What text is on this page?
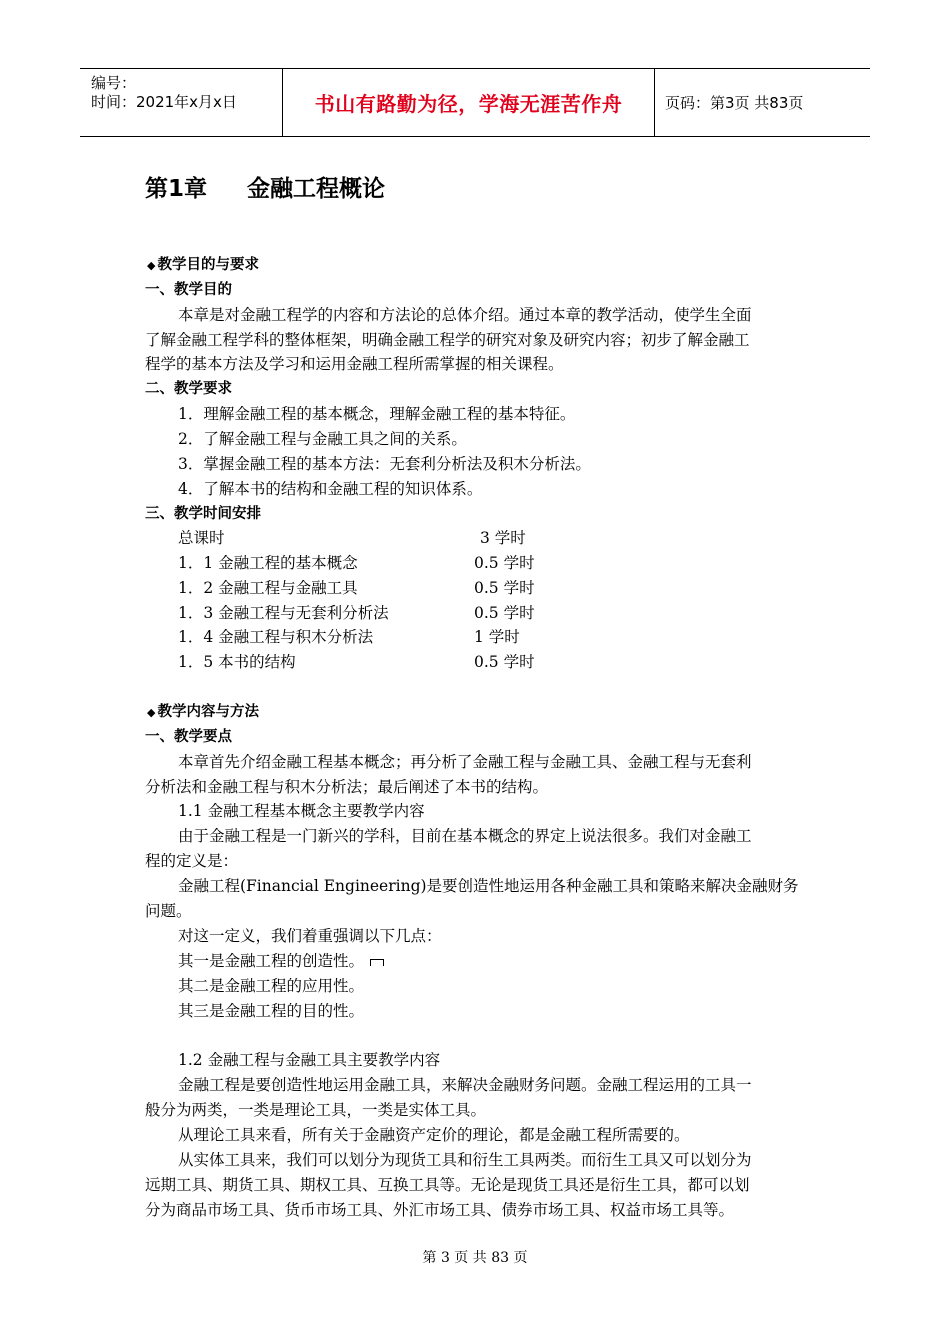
编号：
时间：2021年x月x日	书山有路勤为径，学海无涯苦作舟	页码：第3页 共83页
第1章 金融工程概论
◆ 教学目的与要求
一、教学目的
本章是对金融工程学的内容和方法论的总体介绍。通过本章的教学活动，使学生全面
了解金融工程学科的整体框架，明确金融工程学的研究对象及研究内容；初步了解金融工
程学的基本方法及学习和运用金融工程所需掌握的相关课程。
二、教学要求
1．理解金融工程的基本概念，理解金融工程的基本特征。
2．了解金融工程与金融工具之间的关系。
3．掌握金融工程的基本方法：无套利分析法及积木分析法。
4．了解本书的结构和金融工程的知识体系。
三、教学时间安排
总课时	3 学时
1．1 金融工程的基本概念	0.5 学时
1．2 金融工程与金融工具	0.5 学时
1．3 金融工程与无套利分析法	0.5 学时
1．4 金融工程与积木分析法	1 学时
1．5 本书的结构	0.5 学时
◆ 教学内容与方法
一、教学要点
本章首先介绍金融工程基本概念；再分析了金融工程与金融工具、金融工程与无套利
分析法和金融工程与积木分析法；最后阐述了本书的结构。
1.1 金融工程基本概念主要教学内容
由于金融工程是一门新兴的学科，目前在基本概念的界定上说法很多。我们对金融工
程的定义是：
金融工程(Financial Engineering)是要创造性地运用各种金融工具和策略来解决金融财务
问题。
对这一定义，我们着重强调以下几点：
其一是金融工程的创造性。
其二是金融工程的应用性。
其三是金融工程的目的性。
1.2 金融工程与金融工具主要教学内容
金融工程是要创造性地运用金融工具，来解决金融财务问题。金融工程运用的工具一
般分为两类，一类是理论工具，一类是实体工具。
从理论工具来看，所有关于金融资产定价的理论，都是金融工程所需要的。
从实体工具来，我们可以划分为现货工具和衍生工具两类。而衍生工具又可以划分为
远期工具、期货工具、期权工具、互换工具等。无论是现货工具还是衍生工具，都可以划
分为商品市场工具、货币市场工具、外汇市场工具、债券市场工具、权益市场工具等。
第 3 页 共 83 页
